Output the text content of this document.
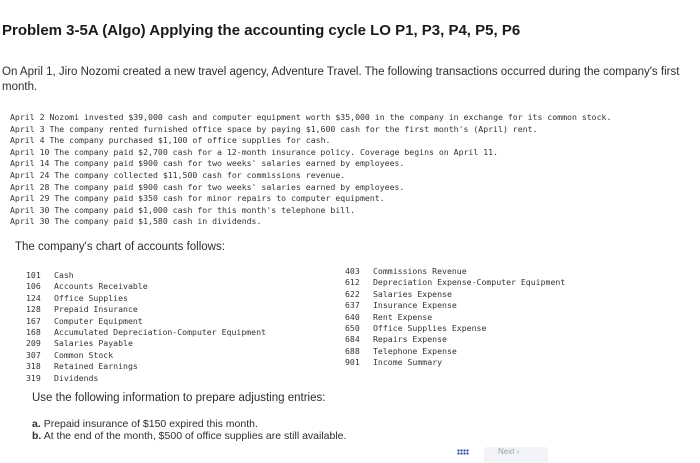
Problem 3-5A (Algo) Applying the accounting cycle LO P1, P3, P4, P5, P6
On April 1, Jiro Nozomi created a new travel agency, Adventure Travel. The following transactions occurred during the company's first month.
April 2 Nozomi invested $39,000 cash and computer equipment worth $35,000 in the company in exchange for its common stock.
April 3 The company rented furnished office space by paying $1,600 cash for the first month's (April) rent.
April 4 The company purchased $1,100 of office supplies for cash.
April 10 The company paid $2,700 cash for a 12-month insurance policy. Coverage begins on April 11.
April 14 The company paid $900 cash for two weeks' salaries earned by employees.
April 24 The company collected $11,500 cash for commissions revenue.
April 28 The company paid $900 cash for two weeks' salaries earned by employees.
April 29 The company paid $350 cash for minor repairs to computer equipment.
April 30 The company paid $1,000 cash for this month's telephone bill.
April 30 The company paid $1,580 cash in dividends.
The company's chart of accounts follows:
101 Cash
106 Accounts Receivable
124 Office Supplies
128 Prepaid Insurance
167 Computer Equipment
168 Accumulated Depreciation-Computer Equipment
209 Salaries Payable
307 Common Stock
318 Retained Earnings
319 Dividends
403 Commissions Revenue
612 Depreciation Expense-Computer Equipment
622 Salaries Expense
637 Insurance Expense
640 Rent Expense
650 Office Supplies Expense
684 Repairs Expense
688 Telephone Expense
901 Income Summary
Use the following information to prepare adjusting entries:
a. Prepaid insurance of $150 expired this month.
b. At the end of the month, $500 of office supplies are still available.
Next ›
